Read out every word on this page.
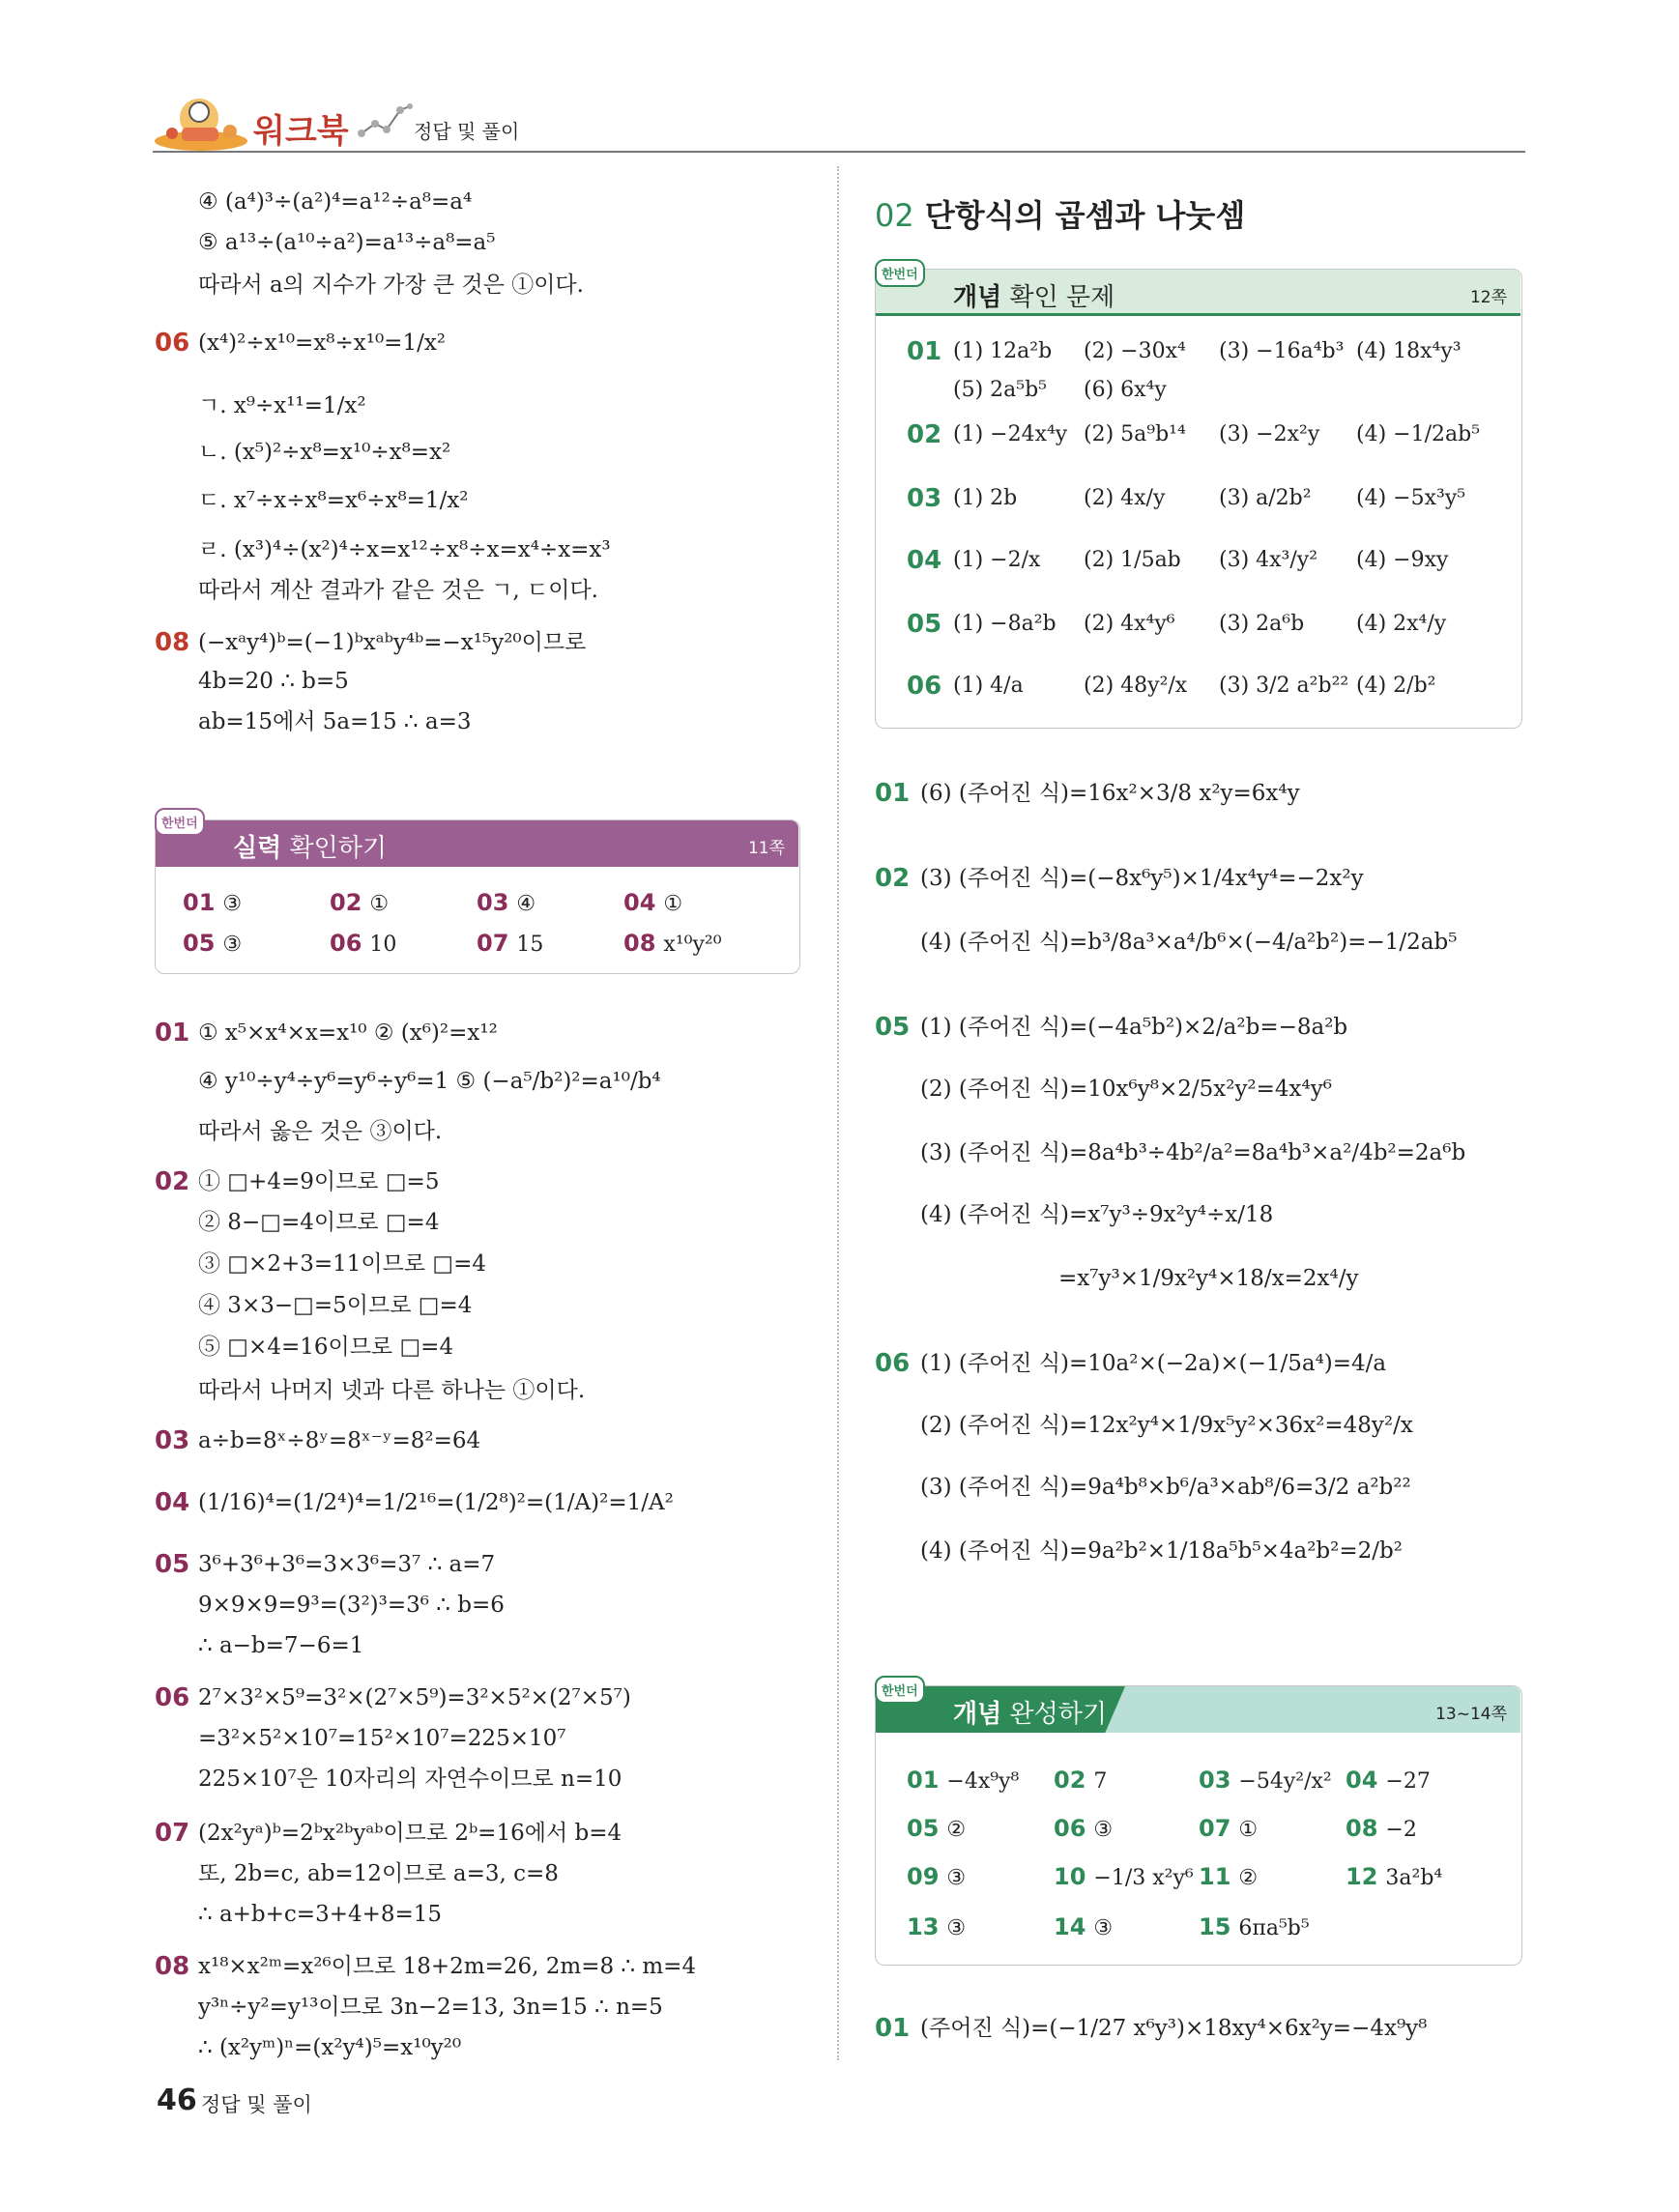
워크북	정답 및 풀이
④ (a⁴)³÷(a²)⁴=a¹²÷a⁸=a⁴
⑤ a¹³÷(a¹⁰÷a²)=a¹³÷a⁸=a⁵
따라서 a의 지수가 가장 큰 것은 ①이다.
06 (x⁴)²÷x¹⁰=x⁸÷x¹⁰=1/x²
ㄱ. x⁹÷x¹¹=1/x²
ㄴ. (x⁵)²÷x⁸=x¹⁰÷x⁸=x²
ㄷ. x⁷÷x÷x⁸=x⁶÷x⁸=1/x²
ㄹ. (x³)⁴÷(x²)⁴÷x=x¹²÷x⁸÷x=x⁴÷x=x³
따라서 계산 결과가 같은 것은 ㄱ, ㄷ이다.
08 (−xᵃy⁴)ᵇ=(−1)ᵇxᵃᵇy⁴ᵇ=−x¹⁵y²⁰이므로
4b=20 ∴ b=5
ab=15에서 5a=15 ∴ a=3
실력 확인하기	11쪽
01 ③	02 ①	03 ④	04 ①
05 ③	06 10	07 15	08 x¹⁰y²⁰
한번더
01 ① x⁵×x⁴×x=x¹⁰ ② (x⁶)²=x¹²
④ y¹⁰÷y⁴÷y⁶=y⁶÷y⁶=1 ⑤ (−a⁵/b²)²=a¹⁰/b⁴
따라서 옳은 것은 ③이다.
02 ① □+4=9이므로 □=5
② 8−□=4이므로 □=4
③ □×2+3=11이므로 □=4
④ 3×3−□=5이므로 □=4
⑤ □×4=16이므로 □=4
따라서 나머지 넷과 다른 하나는 ①이다.
03 a÷b=8ˣ÷8ʸ=8ˣ⁻ʸ=8²=64
04 (1/16)⁴=(1/2⁴)⁴=1/2¹⁶=(1/2⁸)²=(1/A)²=1/A²
05 3⁶+3⁶+3⁶=3×3⁶=3⁷ ∴ a=7
9×9×9=9³=(3²)³=3⁶ ∴ b=6
∴ a−b=7−6=1
06 2⁷×3²×5⁹=3²×(2⁷×5⁹)=3²×5²×(2⁷×5⁷)
=3²×5²×10⁷=15²×10⁷=225×10⁷
225×10⁷은 10자리의 자연수이므로 n=10
07 (2x²yᵃ)ᵇ=2ᵇx²ᵇyᵃᵇ이므로 2ᵇ=16에서 b=4
또, 2b=c, ab=12이므로 a=3, c=8
∴ a+b+c=3+4+8=15
08 x¹⁸×x²ᵐ=x²⁶이므로 18+2m=26, 2m=8 ∴ m=4
y³ⁿ÷y²=y¹³이므로 3n−2=13, 3n=15 ∴ n=5
∴ (x²yᵐ)ⁿ=(x²y⁴)⁵=x¹⁰y²⁰
02 단항식의 곱셈과 나눗셈
개념 확인 문제	12쪽
01 (1) 12a²b (2) −30x⁴ (3) −16a⁴b³ (4) 18x⁴y³
(5) 2a⁵b⁵ (6) 6x⁴y
02 (1) −24x⁴y (2) 5a⁹b¹⁴ (3) −2x²y (4) −1/2ab⁵
03 (1) 2b	(2) 4x/y	(3) a/2b² (4) −5x³y⁵
04 (1) −2/x (2) 1/5ab (3) 4x³/y² (4) −9xy
05 (1) −8a²b (2) 4x⁴y⁶ (3) 2a⁶b (4) 2x⁴/y
06 (1) 4/a	(2) 48y²/x (3) 3/2 a²b²² (4) 2/b²
한번더
01 (6) (주어진 식)=16x²×3/8 x²y=6x⁴y
02 (3) (주어진 식)=(−8x⁶y⁵)×1/4x⁴y⁴=−2x²y
(4) (주어진 식)=b³/8a³×a⁴/b⁶×(−4/a²b²)=−1/2ab⁵
05 (1) (주어진 식)=(−4a⁵b²)×2/a²b=−8a²b
(2) (주어진 식)=10x⁶y⁸×2/5x²y²=4x⁴y⁶
(3) (주어진 식)=8a⁴b³÷4b²/a²=8a⁴b³×a²/4b²=2a⁶b
(4) (주어진 식)=x⁷y³÷9x²y⁴÷x/18
=x⁷y³×1/9x²y⁴×18/x=2x⁴/y
06 (1) (주어진 식)=10a²×(−2a)×(−1/5a⁴)=4/a
(2) (주어진 식)=12x²y⁴×1/9x⁵y²×36x²=48y²/x
(3) (주어진 식)=9a⁴b⁸×b⁶/a³×ab⁸/6=3/2 a²b²²
(4) (주어진 식)=9a²b²×1/18a⁵b⁵×4a²b²=2/b²
개념 완성하기	13~14쪽
01 −4x⁹y⁸ 02 7	03 −54y²/x² 04 −27
05 ②	06 ③	07 ①	08 −2
09 ③	10 −1/3 x²y⁶ 11 ②	12 3a²b⁴
13 ③	14 ③	15 6πa⁵b⁵
한번더
01 (주어진 식)=(−1/27 x⁶y³)×18xy⁴×6x²y=−4x⁹y⁸
46 정답 및 풀이
